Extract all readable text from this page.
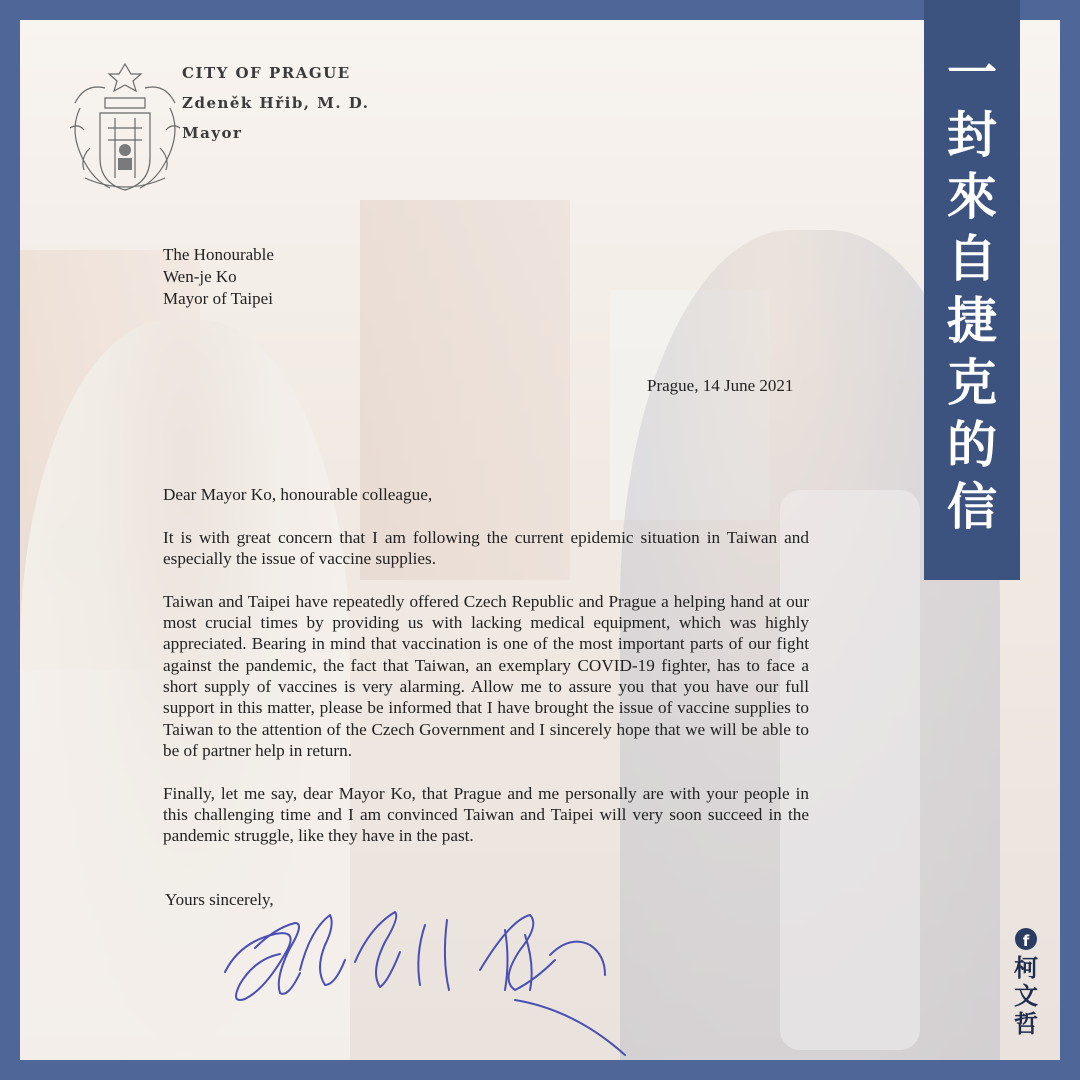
CITY OF PRAGUE
Zdeněk Hřib, M. D.
Mayor
The Honourable
Wen-je Ko
Mayor of Taipei
Prague, 14 June 2021

Dear Mayor Ko, honourable colleague,

It is with great concern that I am following the current epidemic situation in Taiwan and especially the issue of vaccine supplies.

Taiwan and Taipei have repeatedly offered Czech Republic and Prague a helping hand at our most crucial times by providing us with lacking medical equipment, which was highly appreciated. Bearing in mind that vaccination is one of the most important parts of our fight against the pandemic, the fact that Taiwan, an exemplary COVID-19 fighter, has to face a short supply of vaccines is very alarming. Allow me to assure you that you have our full support in this matter, please be informed that I have brought the issue of vaccine supplies to Taiwan to the attention of the Czech Government and I sincerely hope that we will be able to be of partner help in return.

Finally, let me say, dear Mayor Ko, that Prague and me personally are with your people in this challenging time and I am convinced Taiwan and Taipei will very soon succeed in the pandemic struggle, like they have in the past.

Yours sincerely,
一
封
來
自
捷
克
的
信
f
柯
文
哲
